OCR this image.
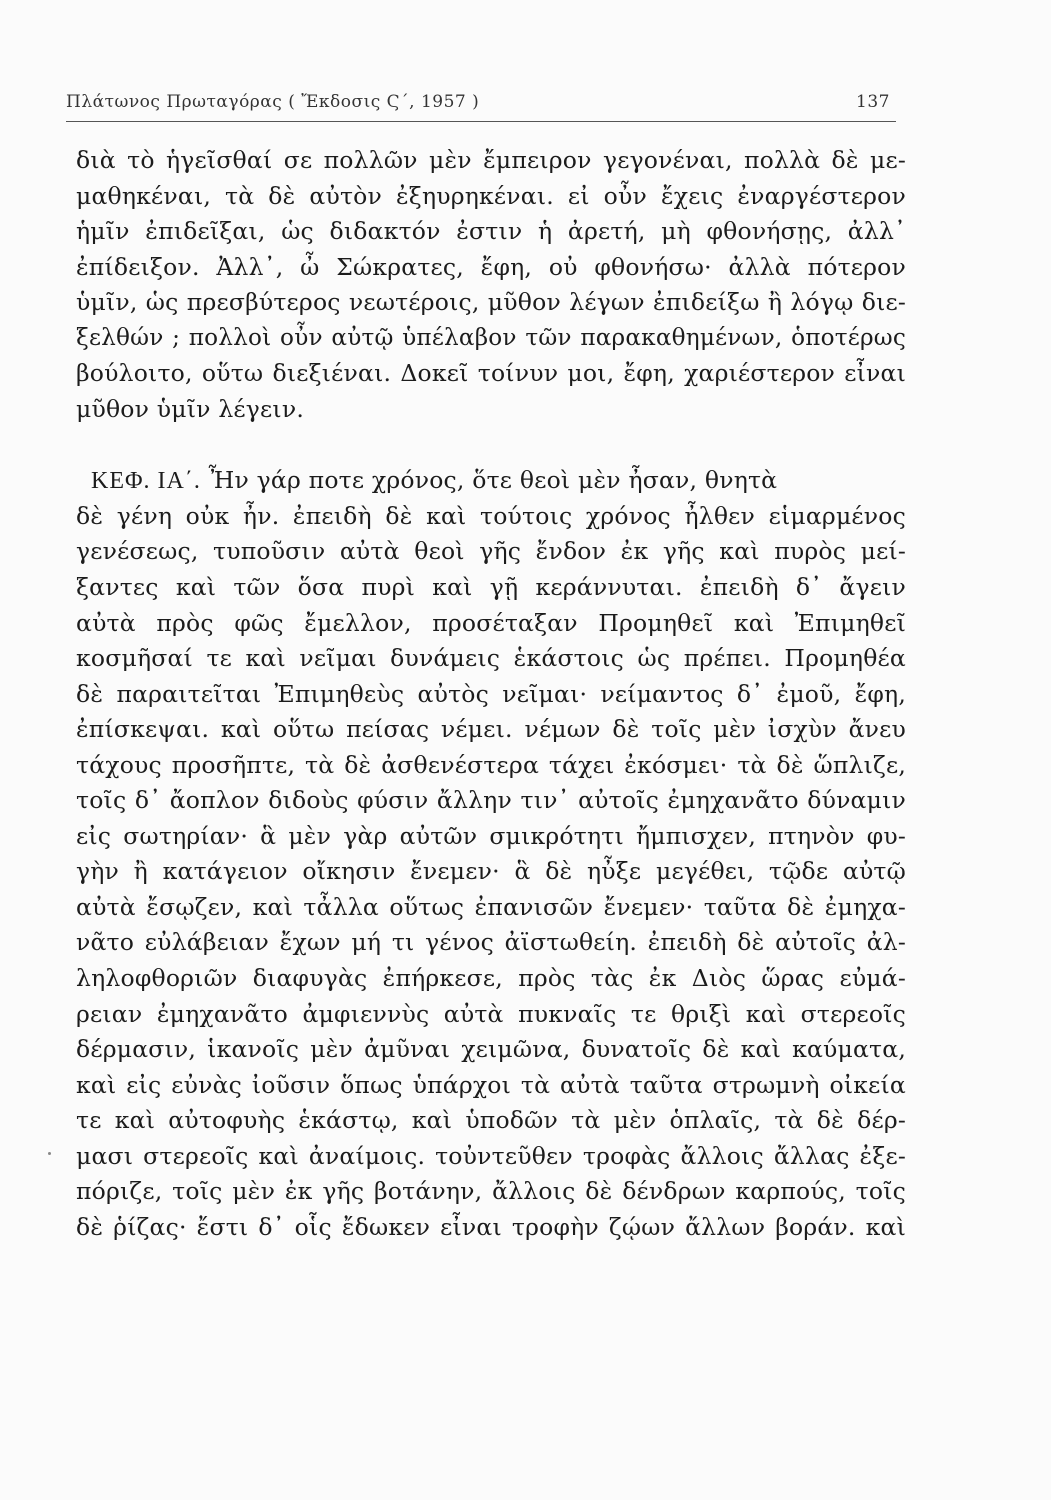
Πλάτωνος Πρωταγόρας ( Ἔκδοσις Ϛ΄, 1957 )	137
διὰ τὸ ἡγεῖσθαί σε πολλῶν μὲν ἔμπειρον γεγονέναι, πολλὰ δὲ με-
μαθηκέναι, τὰ δὲ αὐτὸν ἐξηυρηκέναι. εἰ οὖν ἔχεις ἐναργέστερον
ἡμῖν ἐπιδεῖξαι, ὡς διδακτόν ἐστιν ἡ ἀρετή, μὴ φθονήσῃς, ἀλλ᾿
ἐπίδειξον. Ἀλλ᾿, ὦ Σώκρατες, ἔφη, οὐ φθονήσω· ἀλλὰ πότερον
ὑμῖν, ὡς πρεσβύτερος νεωτέροις, μῦθον λέγων ἐπιδείξω ἢ λόγῳ διε-
ξελθών ; πολλοὶ οὖν αὐτῷ ὑπέλαβον τῶν παρακαθημένων, ὁποτέρως
βούλοιτο, οὕτω διεξιέναι. Δοκεῖ τοίνυν μοι, ἔφη, χαριέστερον εἶναι
μῦθον ὑμῖν λέγειν.
ΚΕΦ. ΙΑ΄. Ἦν γάρ ποτε χρόνος, ὅτε θεοὶ μὲν ἦσαν, θνητὰ
δὲ γένη οὐκ ἦν. ἐπειδὴ δὲ καὶ τούτοις χρόνος ἦλθεν εἱμαρμένος
γενέσεως, τυποῦσιν αὐτὰ θεοὶ γῆς ἔνδον ἐκ γῆς καὶ πυρὸς μεί-
ξαντες καὶ τῶν ὅσα πυρὶ καὶ γῇ κεράννυται. ἐπειδὴ δ᾿ ἄγειν
αὐτὰ πρὸς φῶς ἔμελλον, προσέταξαν Προμηθεῖ καὶ Ἐπιμηθεῖ
κοσμῆσαί τε καὶ νεῖμαι δυνάμεις ἑκάστοις ὡς πρέπει. Προμηθέα
δὲ παραιτεῖται Ἐπιμηθεὺς αὐτὸς νεῖμαι· νείμαντος δ᾿ ἐμοῦ, ἔφη,
ἐπίσκεψαι. καὶ οὕτω πείσας νέμει. νέμων δὲ τοῖς μὲν ἰσχὺν ἄνευ
τάχους προσῆπτε, τὰ δὲ ἀσθενέστερα τάχει ἐκόσμει· τὰ δὲ ὥπλιζε,
τοῖς δ᾿ ἄοπλον διδοὺς φύσιν ἄλλην τιν᾿ αὐτοῖς ἐμηχανᾶτο δύναμιν
εἰς σωτηρίαν· ἃ μὲν γὰρ αὐτῶν σμικρότητι ἤμπισχεν, πτηνὸν φυ-
γὴν ἢ κατάγειον οἴκησιν ἔνεμεν· ἃ δὲ ηὖξε μεγέθει, τῷδε αὐτῷ
αὐτὰ ἔσῳζεν, καὶ τἆλλα οὕτως ἐπανισῶν ἔνεμεν· ταῦτα δὲ ἐμηχα-
νᾶτο εὐλάβειαν ἔχων μή τι γένος ἀϊστωθείη. ἐπειδὴ δὲ αὐτοῖς ἀλ-
ληλοφθοριῶν διαφυγὰς ἐπήρκεσε, πρὸς τὰς ἐκ Διὸς ὥρας εὐμά-
ρειαν ἐμηχανᾶτο ἀμφιεννὺς αὐτὰ πυκναῖς τε θριξὶ καὶ στερεοῖς
δέρμασιν, ἱκανοῖς μὲν ἀμῦναι χειμῶνα, δυνατοῖς δὲ καὶ καύματα,
καὶ εἰς εὐνὰς ἰοῦσιν ὅπως ὑπάρχοι τὰ αὐτὰ ταῦτα στρωμνὴ οἰκεία
τε καὶ αὐτοφυὴς ἑκάστῳ, καὶ ὑποδῶν τὰ μὲν ὁπλαῖς, τὰ δὲ δέρ-
μασι στερεοῖς καὶ ἀναίμοις. τοὐντεῦθεν τροφὰς ἄλλοις ἄλλας ἐξε-
πόριζε, τοῖς μὲν ἐκ γῆς βοτάνην, ἄλλοις δὲ δένδρων καρπούς, τοῖς
δὲ ῥίζας· ἔστι δ᾿ οἷς ἔδωκεν εἶναι τροφὴν ζῴων ἄλλων βοράν. καὶ
